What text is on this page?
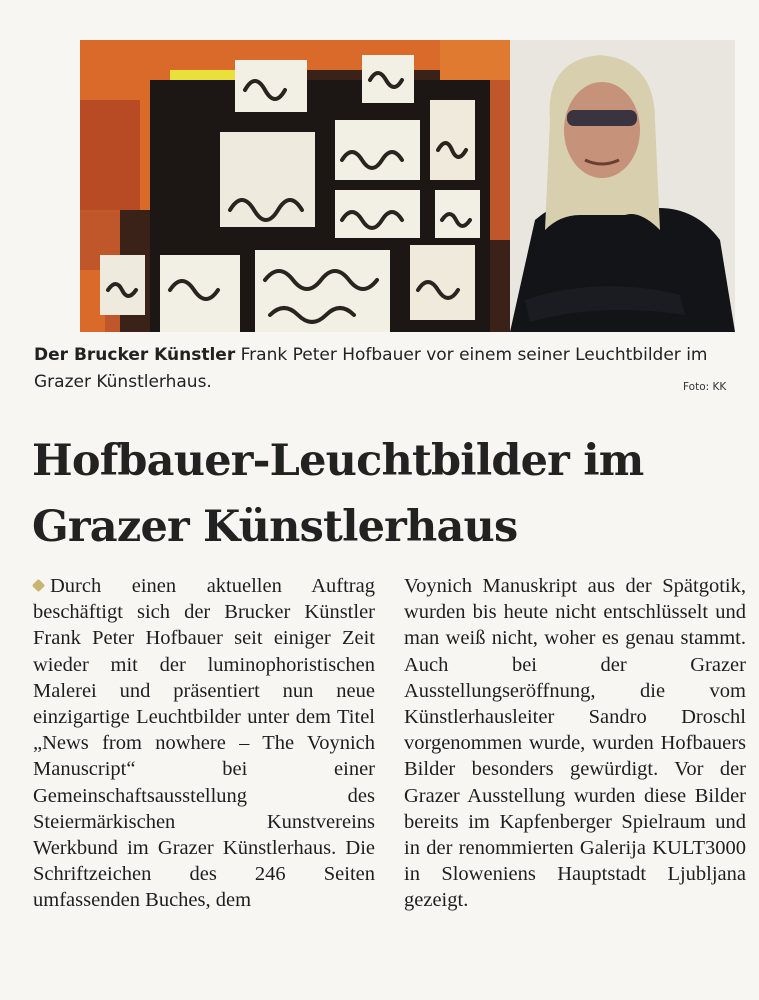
Der Brucker Künstler Frank Peter Hofbauer vor einem seiner Leuchtbilder im Grazer Künstlerhaus.	Foto: KK
Hofbauer-Leuchtbilder im Grazer Künstlerhaus

Durch einen aktuellen Auftrag beschäftigt sich der Brucker Künstler Frank Peter Hofbauer seit einiger Zeit wieder mit der luminophoristischen Malerei und präsentiert nun neue einzigartige Leuchtbilder unter dem Titel „News from nowhere – The Voynich Manuscript“ bei einer Gemeinschaftsausstellung des Steiermärkischen Kunstvereins Werkbund im Grazer Künstlerhaus. Die Schriftzeichen des 246 Seiten umfassenden Buches, dem

Voynich Manuskript aus der Spätgotik, wurden bis heute nicht entschlüsselt und man weiß nicht, woher es genau stammt. Auch bei der Grazer Ausstellungseröffnung, die vom Künstlerhausleiter Sandro Droschl vorgenommen wurde, wurden Hofbauers Bilder besonders gewürdigt. Vor der Grazer Ausstellung wurden diese Bilder bereits im Kapfenberger Spielraum und in der renommierten Galerija KULT3000 in Sloweniens Hauptstadt Ljubljana gezeigt.
